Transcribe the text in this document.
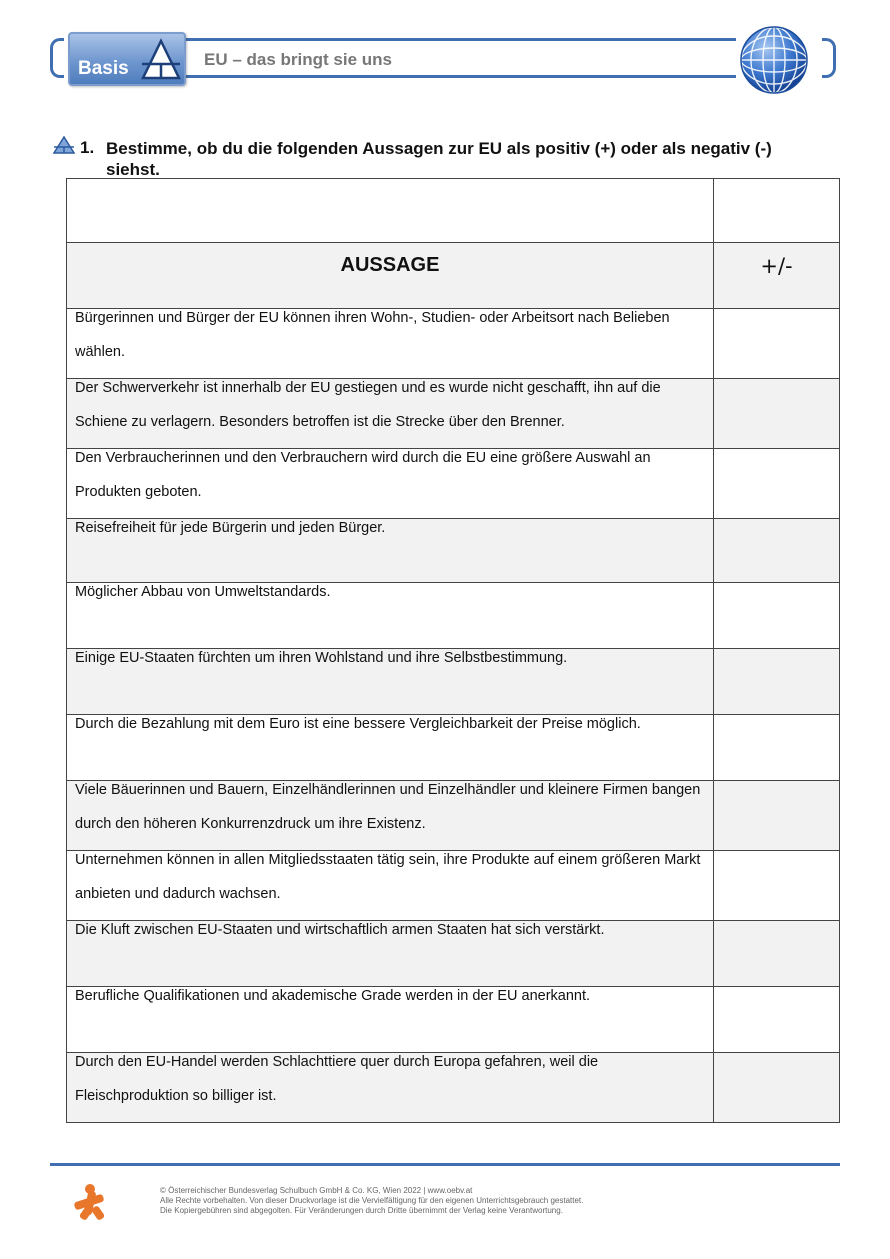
Basis	EU – das bringt sie uns
1. Bestimme, ob du die folgenden Aussagen zur EU als positiv (+) oder als negativ (-) siehst.

AUSSAGE	+/-

Bürgerinnen und Bürger der EU können ihren Wohn-, Studien- oder Arbeitsort nach Belieben wählen.	

Der Schwerverkehr ist innerhalb der EU gestiegen und es wurde nicht geschafft, ihn auf die Schiene zu verlagern. Besonders betroffen ist die Strecke über den Brenner.	

Den Verbraucherinnen und den Verbrauchern wird durch die EU eine größere Auswahl an Produkten geboten.	

Reisefreiheit für jede Bürgerin und jeden Bürger.	

Möglicher Abbau von Umweltstandards.	

Einige EU-Staaten fürchten um ihren Wohlstand und ihre Selbstbestimmung.	

Durch die Bezahlung mit dem Euro ist eine bessere Vergleichbarkeit der Preise möglich.	

Viele Bäuerinnen und Bauern, Einzelhändlerinnen und Einzelhändler und kleinere Firmen bangen durch den höheren Konkurrenzdruck um ihre Existenz.	

Unternehmen können in allen Mitgliedsstaaten tätig sein, ihre Produkte auf einem größeren Markt anbieten und dadurch wachsen.	

Die Kluft zwischen EU-Staaten und wirtschaftlich armen Staaten hat sich verstärkt.	

Berufliche Qualifikationen und akademische Grade werden in der EU anerkannt.	

Durch den EU-Handel werden Schlachttiere quer durch Europa gefahren, weil die Fleischproduktion so billiger ist.	

© Österreichischer Bundesverlag Schulbuch GmbH & Co. KG, Wien 2022 | www.oebv.at
Alle Rechte vorbehalten. Von dieser Druckvorlage ist die Vervielfältigung für den eigenen Unterrichtsgebrauch gestattet.
Die Kopiergebühren sind abgegolten. Für Veränderungen durch Dritte übernimmt der Verlag keine Verantwortung.
